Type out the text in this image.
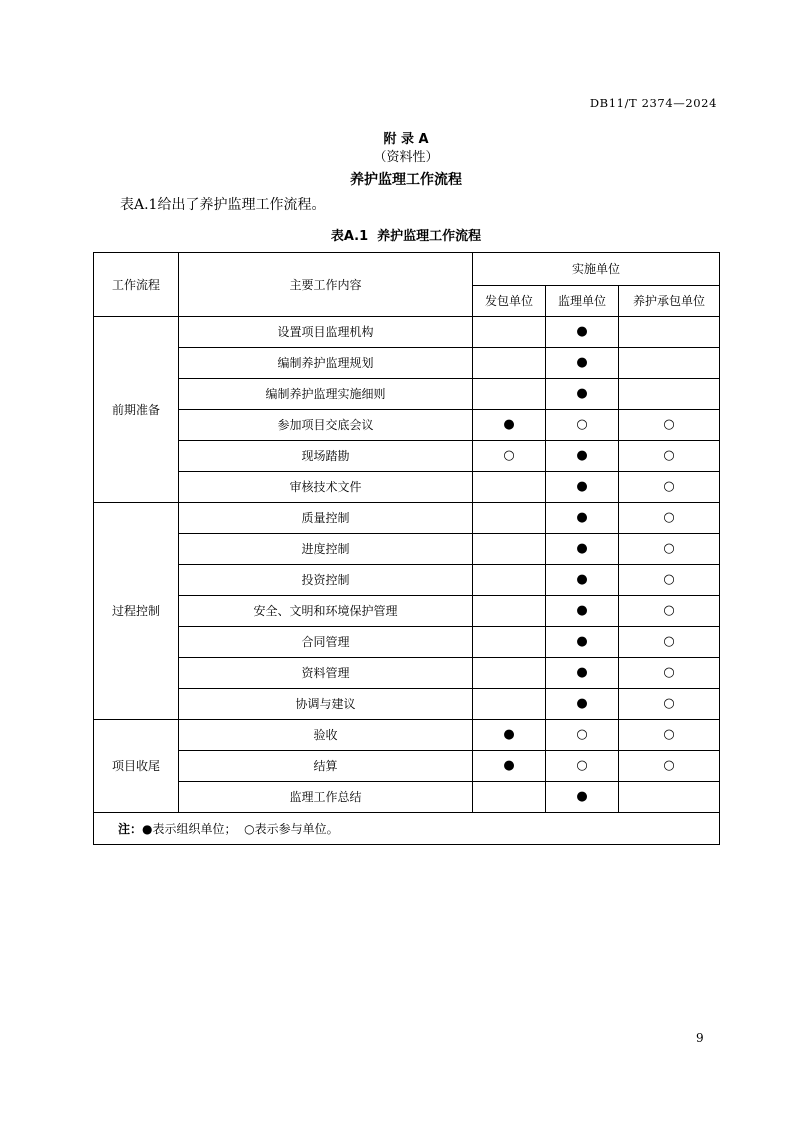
DB11/T 2374—2024
附 录 A
（资料性）
养护监理工作流程
表A.1给出了养护监理工作流程。
表A.1  养护监理工作流程
工作流程	主要工作内容	实施单位		
		发包单位	监理单位	养护承包单位
前期准备	设置项目监理机构		●	
	编制养护监理规划		●	
	编制养护监理实施细则		●	
	参加项目交底会议	●	○	○
	现场踏勘	○	●	○
	审核技术文件		●	○
过程控制	质量控制		●	○
	进度控制		●	○
	投资控制		●	○
	安全、文明和环境保护管理		●	○
	合同管理		●	○
	资料管理		●	○
	协调与建议		●	○
项目收尾	验收	●	○	○
	结算	●	○	○
	监理工作总结		●	
注：●表示组织单位；  ○表示参与单位。				
9
